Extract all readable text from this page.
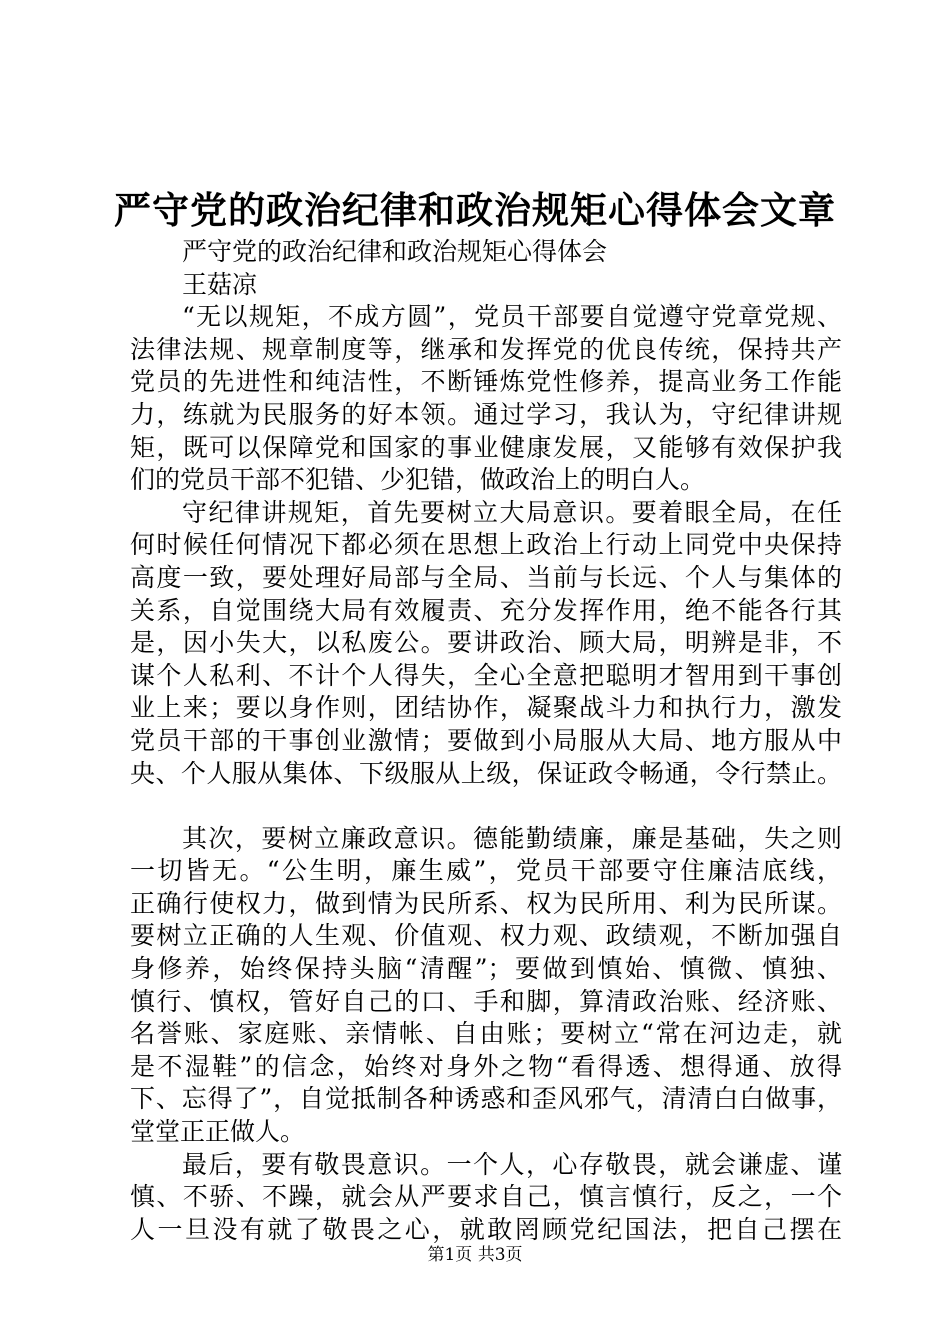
严守党的政治纪律和政治规矩心得体会文章
严守党的政治纪律和政治规矩心得体会
王菇凉
“无以规矩，不成方圆”，党员干部要自觉遵守党章党规、
法律法规、规章制度等，继承和发挥党的优良传统，保持共产
党员的先进性和纯洁性，不断锤炼党性修养，提高业务工作能
力，练就为民服务的好本领。通过学习，我认为，守纪律讲规
矩，既可以保障党和国家的事业健康发展，又能够有效保护我
们的党员干部不犯错、少犯错，做政治上的明白人。
守纪律讲规矩，首先要树立大局意识。要着眼全局，在任
何时候任何情况下都必须在思想上政治上行动上同党中央保持
高度一致，要处理好局部与全局、当前与长远、个人与集体的
关系，自觉围绕大局有效履责、充分发挥作用，绝不能各行其
是，因小失大，以私废公。要讲政治、顾大局，明辨是非，不
谋个人私利、不计个人得失，全心全意把聪明才智用到干事创
业上来；要以身作则，团结协作，凝聚战斗力和执行力，激发
党员干部的干事创业激情；要做到小局服从大局、地方服从中
央、个人服从集体、下级服从上级，保证政令畅通，令行禁止。
其次，要树立廉政意识。德能勤绩廉，廉是基础，失之则
一切皆无。“公生明，廉生威”，党员干部要守住廉洁底线，
正确行使权力，做到情为民所系、权为民所用、利为民所谋。
要树立正确的人生观、价值观、权力观、政绩观，不断加强自
身修养，始终保持头脑“清醒”；要做到慎始、慎微、慎独、
慎行、慎权，管好自己的口、手和脚，算清政治账、经济账、
名誉账、家庭账、亲情帐、自由账；要树立“常在河边走，就
是不湿鞋”的信念，始终对身外之物“看得透、想得通、放得
下、忘得了”，自觉抵制各种诱惑和歪风邪气，清清白白做事，
堂堂正正做人。
最后，要有敬畏意识。一个人，心存敬畏，就会谦虚、谨
慎、不骄、不躁，就会从严要求自己，慎言慎行，反之，一个
人一旦没有就了敬畏之心，就敢罔顾党纪国法，把自己摆在
第1页 共3页
